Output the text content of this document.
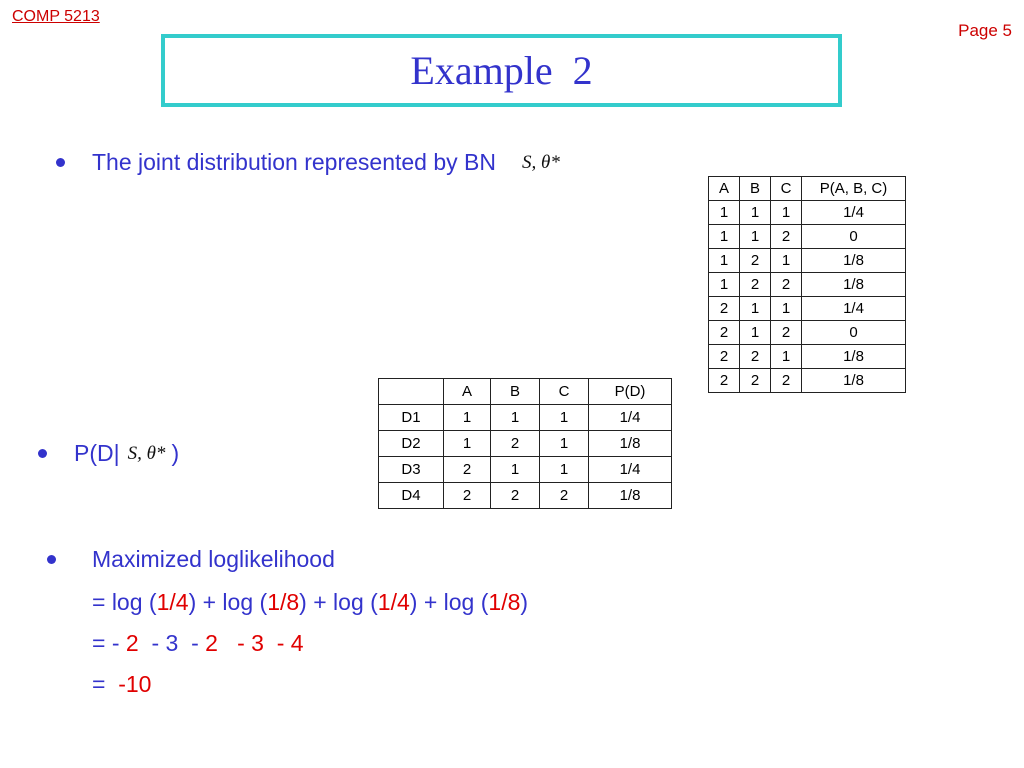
COMP 5213
Page 5
Example  2
The joint distribution represented by BN S, θ*
A	B	C	P(A, B, C)
1	1	1	1/4
1	1	2	0
1	2	1	1/8
1	2	2	1/8
2	1	1	1/4
2	1	2	0
2	2	1	1/8
2	2	2	1/8
	A	B	C	P(D)
D1	1	1	1	1/4
D2	1	2	1	1/8
D3	2	1	1	1/4
D4	2	2	2	1/8
P(D| S, θ* )
Maximized loglikelihood
= log (1/4) + log (1/8) + log (1/4) + log (1/8)
= - 2  - 3  - 2   - 3  - 4
=  -10
